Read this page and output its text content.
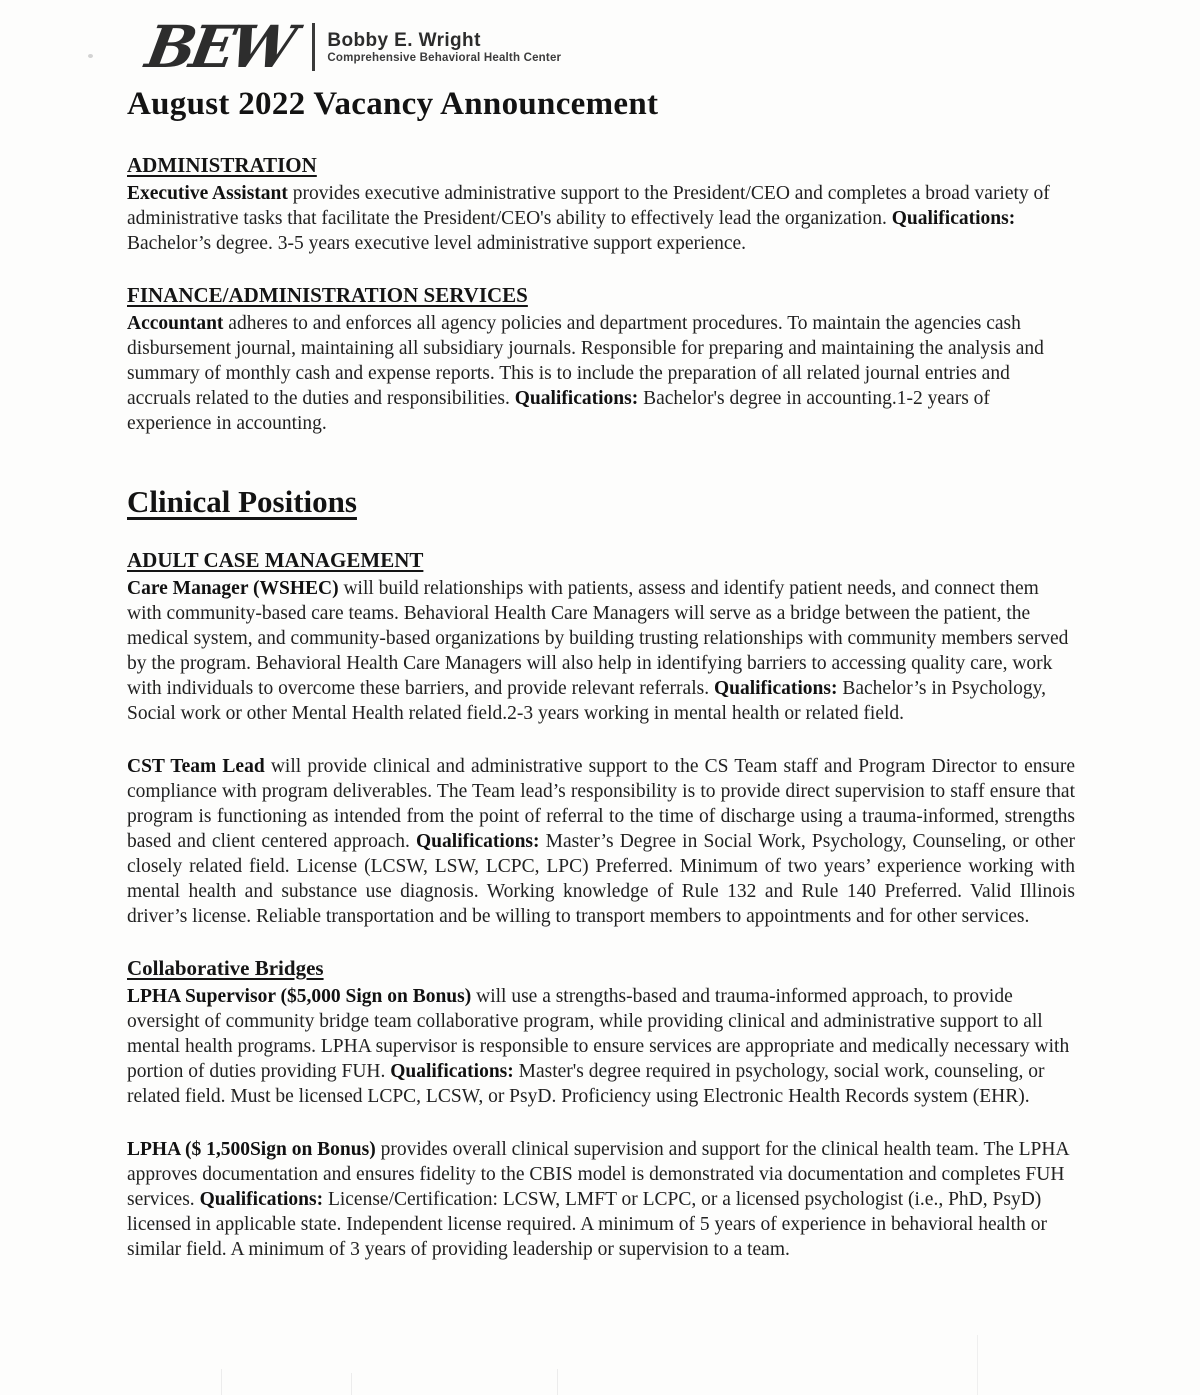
BEW	Bobby E. Wright
Comprehensive Behavioral Health Center
August 2022 Vacancy Announcement
ADMINISTRATION

Executive Assistant provides executive administrative support to the President/CEO and completes a broad variety of administrative tasks that facilitate the President/CEO's ability to effectively lead the organization. Qualifications: Bachelor’s degree. 3-5 years executive level administrative support experience.

FINANCE/ADMINISTRATION SERVICES

Accountant adheres to and enforces all agency policies and department procedures. To maintain the agencies cash disbursement journal, maintaining all subsidiary journals. Responsible for preparing and maintaining the analysis and summary of monthly cash and expense reports. This is to include the preparation of all related journal entries and accruals related to the duties and responsibilities. Qualifications: Bachelor's degree in accounting.1-2 years of experience in accounting.

Clinical Positions
ADULT CASE MANAGEMENT

Care Manager (WSHEC) will build relationships with patients, assess and identify patient needs, and connect them with community-based care teams. Behavioral Health Care Managers will serve as a bridge between the patient, the medical system, and community-based organizations by building trusting relationships with community members served by the program. Behavioral Health Care Managers will also help in identifying barriers to accessing quality care, work with individuals to overcome these barriers, and provide relevant referrals. Qualifications: Bachelor’s in Psychology, Social work or other Mental Health related field.2-3 years working in mental health or related field.

CST Team Lead will provide clinical and administrative support to the CS Team staff and Program Director to ensure compliance with program deliverables. The Team lead’s responsibility is to provide direct supervision to staff ensure that program is functioning as intended from the point of referral to the time of discharge using a trauma-informed, strengths based and client centered approach. Qualifications: Master’s Degree in Social Work, Psychology, Counseling, or other closely related field. License (LCSW, LSW, LCPC, LPC) Preferred. Minimum of two years’ experience working with mental health and substance use diagnosis. Working knowledge of Rule 132 and Rule 140 Preferred. Valid Illinois driver’s license. Reliable transportation and be willing to transport members to appointments and for other services.

Collaborative Bridges

LPHA Supervisor ($5,000 Sign on Bonus) will use a strengths-based and trauma-informed approach, to provide oversight of community bridge team collaborative program, while providing clinical and administrative support to all mental health programs. LPHA supervisor is responsible to ensure services are appropriate and medically necessary with portion of duties providing FUH. Qualifications: Master's degree required in psychology, social work, counseling, or related field. Must be licensed LCPC, LCSW, or PsyD. Proficiency using Electronic Health Records system (EHR).

LPHA ($ 1,500Sign on Bonus) provides overall clinical supervision and support for the clinical health team. The LPHA approves documentation and ensures fidelity to the CBIS model is demonstrated via documentation and completes FUH services. Qualifications: License/Certification: LCSW, LMFT or LCPC, or a licensed psychologist (i.e., PhD, PsyD) licensed in applicable state. Independent license required. A minimum of 5 years of experience in behavioral health or similar field. A minimum of 3 years of providing leadership or supervision to a team.
